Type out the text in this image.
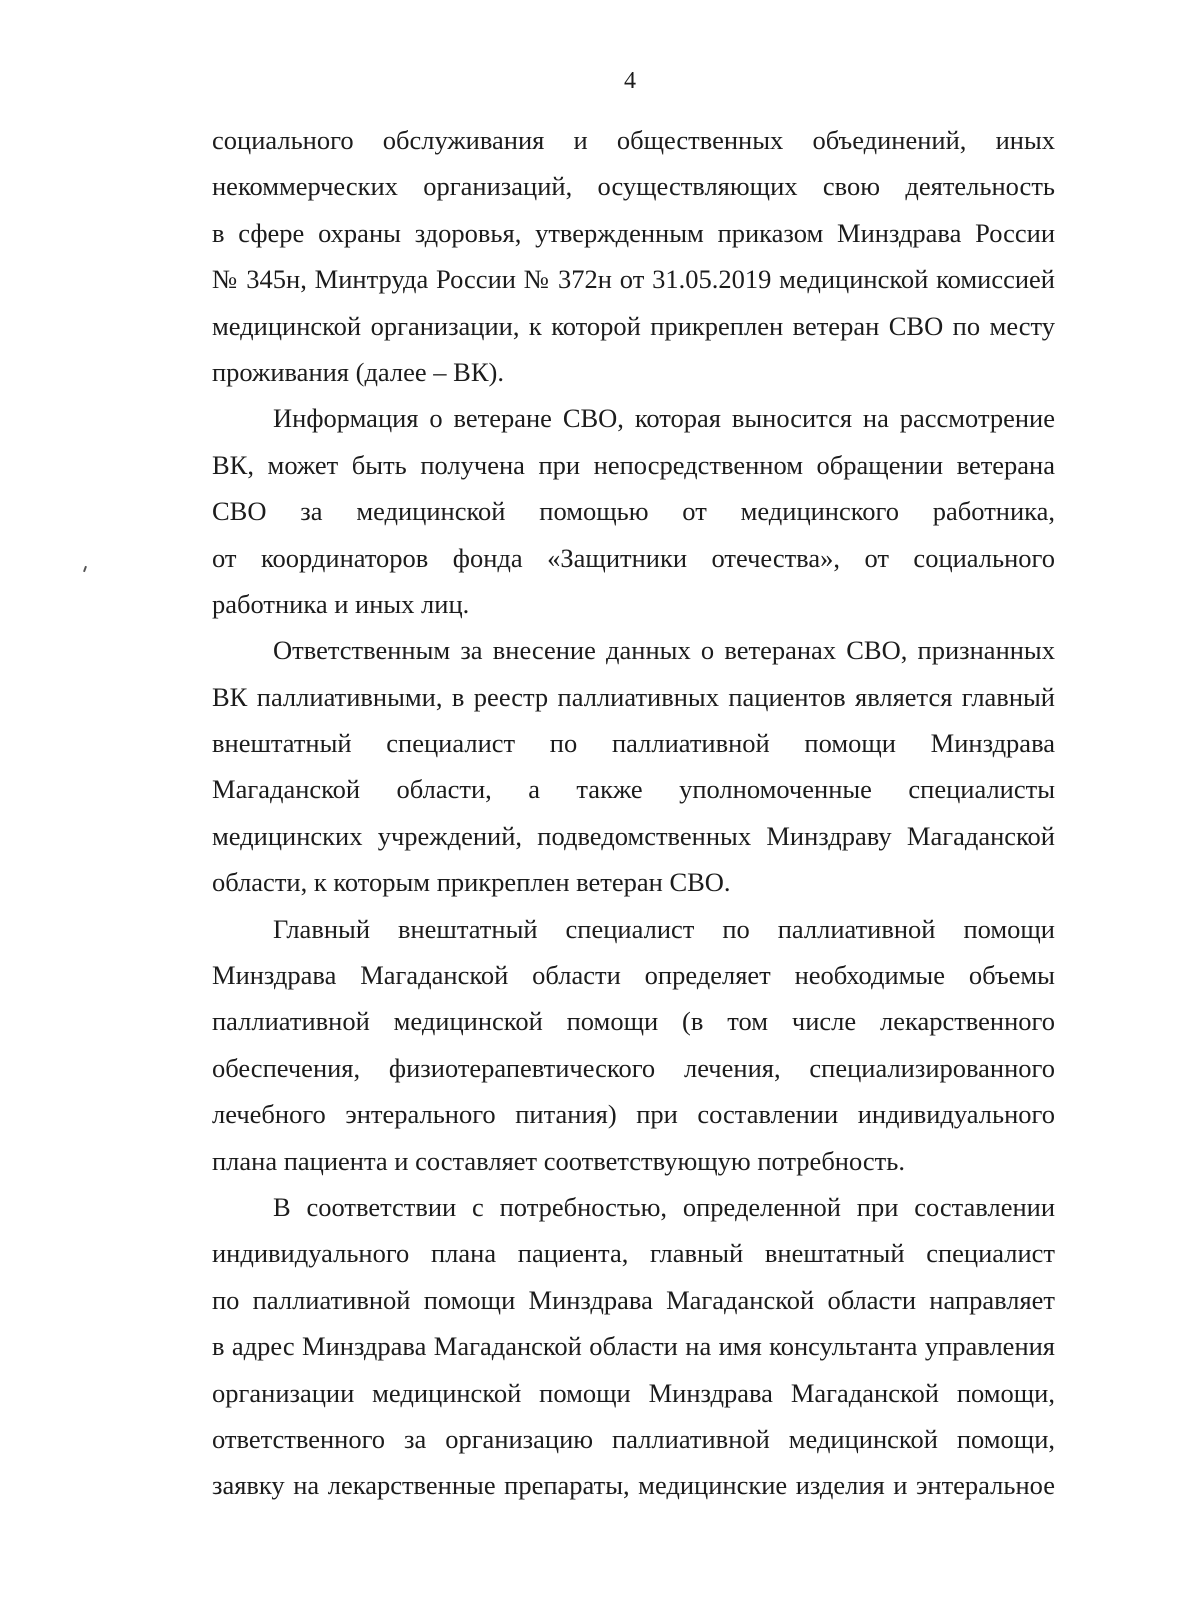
4
социального обслуживания и общественных объединений, иных
некоммерческих организаций, осуществляющих свою деятельность
в сфере охраны здоровья, утвержденным приказом Минздрава России
№ 345н, Минтруда России № 372н от 31.05.2019 медицинской комиссией
медицинской организации, к которой прикреплен ветеран СВО по месту
проживания (далее – ВК).
Информация о ветеране СВО, которая выносится на рассмотрение
ВК, может быть получена при непосредственном обращении ветерана
СВО за медицинской помощью от медицинского работника,
от координаторов фонда «Защитники отечества», от социального
работника и иных лиц.
Ответственным за внесение данных о ветеранах СВО, признанных
ВК паллиативными, в реестр паллиативных пациентов является главный
внештатный специалист по паллиативной помощи Минздрава
Магаданской области, а также уполномоченные специалисты
медицинских учреждений, подведомственных Минздраву Магаданской
области, к которым прикреплен ветеран СВО.
Главный внештатный специалист по паллиативной помощи
Минздрава Магаданской области определяет необходимые объемы
паллиативной медицинской помощи (в том числе лекарственного
обеспечения, физиотерапевтического лечения, специализированного
лечебного энтерального питания) при составлении индивидуального
плана пациента и составляет соответствующую потребность.
В соответствии с потребностью, определенной при составлении
индивидуального плана пациента, главный внештатный специалист
по паллиативной помощи Минздрава Магаданской области направляет
в адрес Минздрава Магаданской области на имя консультанта управления
организации медицинской помощи Минздрава Магаданской помощи,
ответственного за организацию паллиативной медицинской помощи,
заявку на лекарственные препараты, медицинские изделия и энтеральное
